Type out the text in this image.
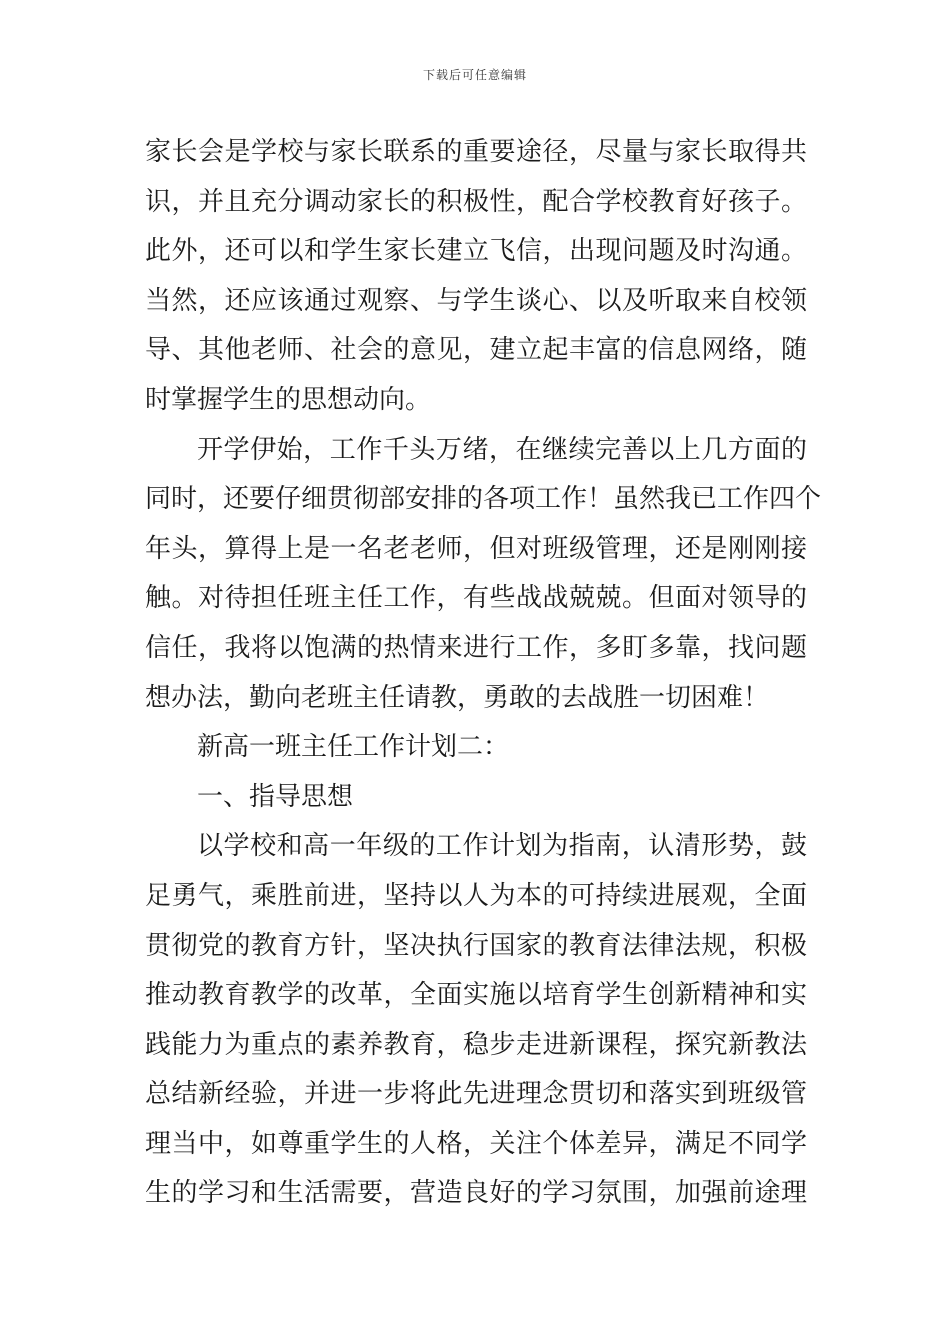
下载后可任意编辑
家长会是学校与家长联系的重要途径，尽量与家长取得共
识，并且充分调动家长的积极性，配合学校教育好孩子。
此外，还可以和学生家长建立飞信，出现问题及时沟通。
当然，还应该通过观察、与学生谈心、以及听取来自校领
导、其他老师、社会的意见，建立起丰富的信息网络，随
时掌握学生的思想动向。
开学伊始，工作千头万绪，在继续完善以上几方面的
同时，还要仔细贯彻部安排的各项工作！虽然我已工作四个
年头，算得上是一名老老师，但对班级管理，还是刚刚接
触。对待担任班主任工作，有些战战兢兢。但面对领导的
信任，我将以饱满的热情来进行工作，多盯多靠，找问题
想办法，勤向老班主任请教，勇敢的去战胜一切困难！
新高一班主任工作计划二：
一、指导思想
以学校和高一年级的工作计划为指南，认清形势，鼓
足勇气，乘胜前进，坚持以人为本的可持续进展观，全面
贯彻党的教育方针，坚决执行国家的教育法律法规，积极
推动教育教学的改革，全面实施以培育学生创新精神和实
践能力为重点的素养教育，稳步走进新课程，探究新教法
总结新经验，并进一步将此先进理念贯切和落实到班级管
理当中，如尊重学生的人格，关注个体差异，满足不同学
生的学习和生活需要，营造良好的学习氛围，加强前途理
